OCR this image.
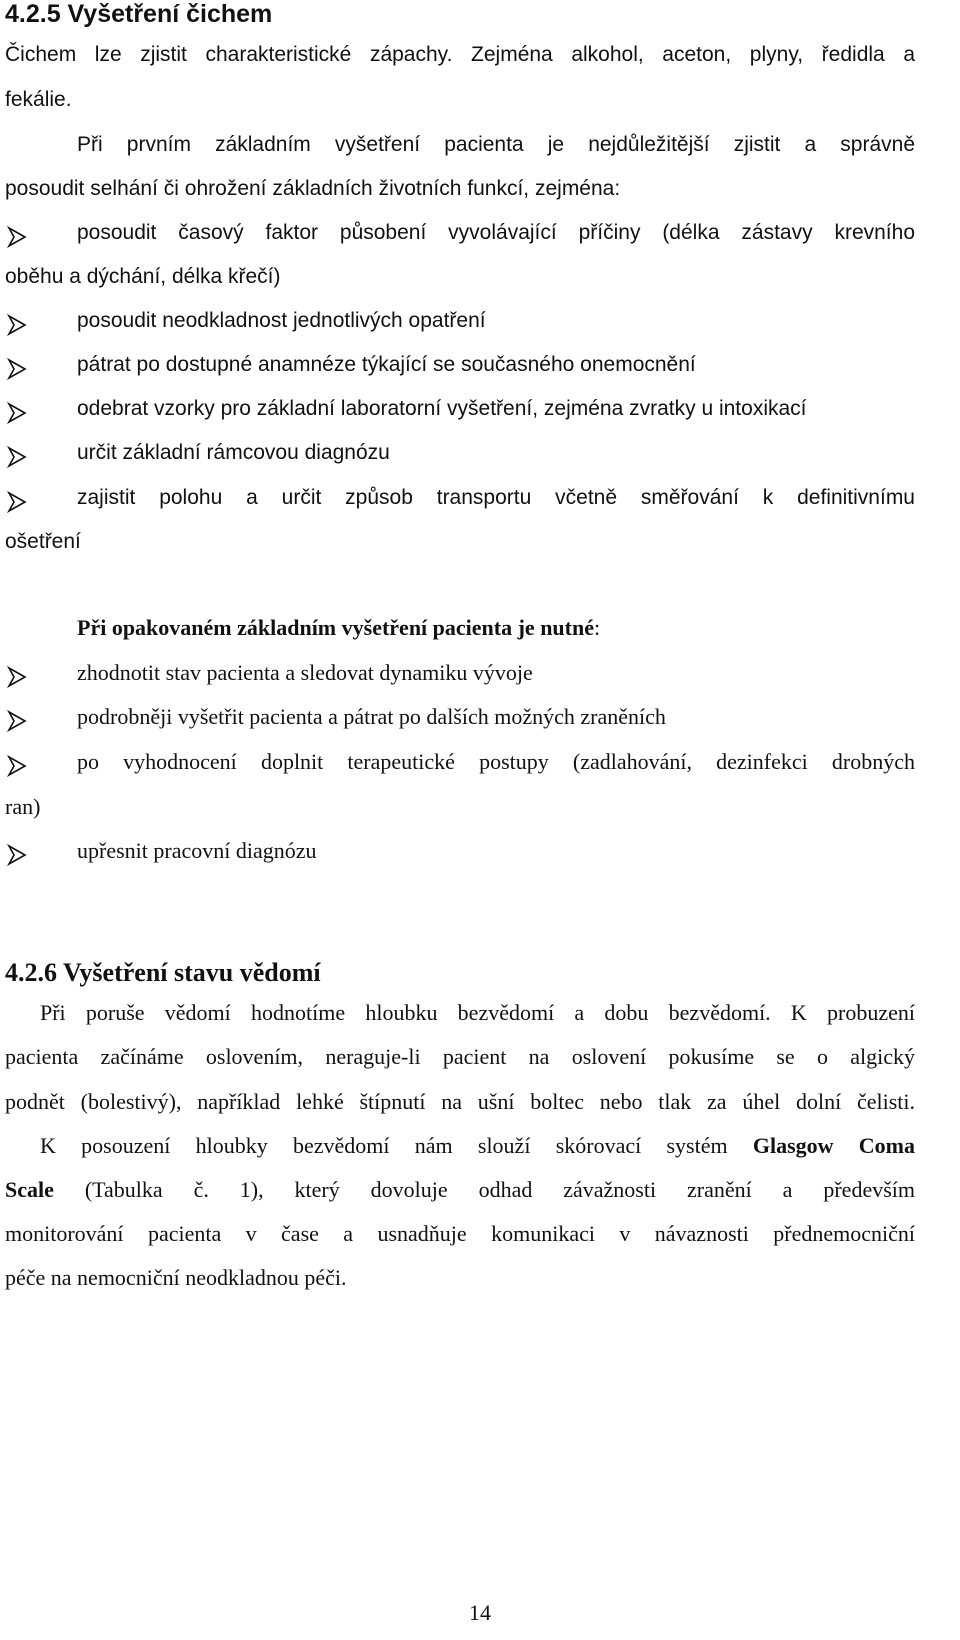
4.2.5 Vyšetření čichem
Čichem lze zjistit charakteristické zápachy. Zejména alkohol, aceton, plyny, ředidla a
fekálie.
Při prvním základním vyšetření pacienta je nejdůležitější zjistit a správně
posoudit selhání či ohrožení základních životních funkcí, zejména:
posoudit časový faktor působení vyvolávající příčiny (délka zástavy krevního
oběhu a dýchání, délka křečí)
posoudit neodkladnost jednotlivých opatření
pátrat po dostupné anamnéze týkající se současného onemocnění
odebrat vzorky pro základní laboratorní vyšetření, zejména zvratky u intoxikací
určit základní rámcovou diagnózu
zajistit polohu a určit způsob transportu včetně směřování k definitivnímu
ošetření
Při opakovaném základním vyšetření pacienta je nutné:
zhodnotit stav pacienta a sledovat dynamiku vývoje
podrobněji vyšetřit pacienta a pátrat po dalších možných zraněních
po vyhodnocení doplnit terapeutické postupy (zadlahování, dezinfekci drobných
ran)
upřesnit pracovní diagnózu
4.2.6 Vyšetření stavu vědomí
Při poruše vědomí hodnotíme hloubku bezvědomí a dobu bezvědomí. K probuzení
pacienta začínáme oslovením, neraguje-li pacient na oslovení pokusíme se o algický
podnět (bolestivý), například lehké štípnutí na ušní boltec nebo tlak za úhel dolní čelisti.
K posouzení hloubky bezvědomí nám slouží skórovací systém Glasgow Coma
Scale (Tabulka č. 1), který dovoluje odhad závažnosti zranění a především
monitorování pacienta v čase a usnadňuje komunikaci v návaznosti přednemocniční
péče na nemocniční neodkladnou péči.
14
